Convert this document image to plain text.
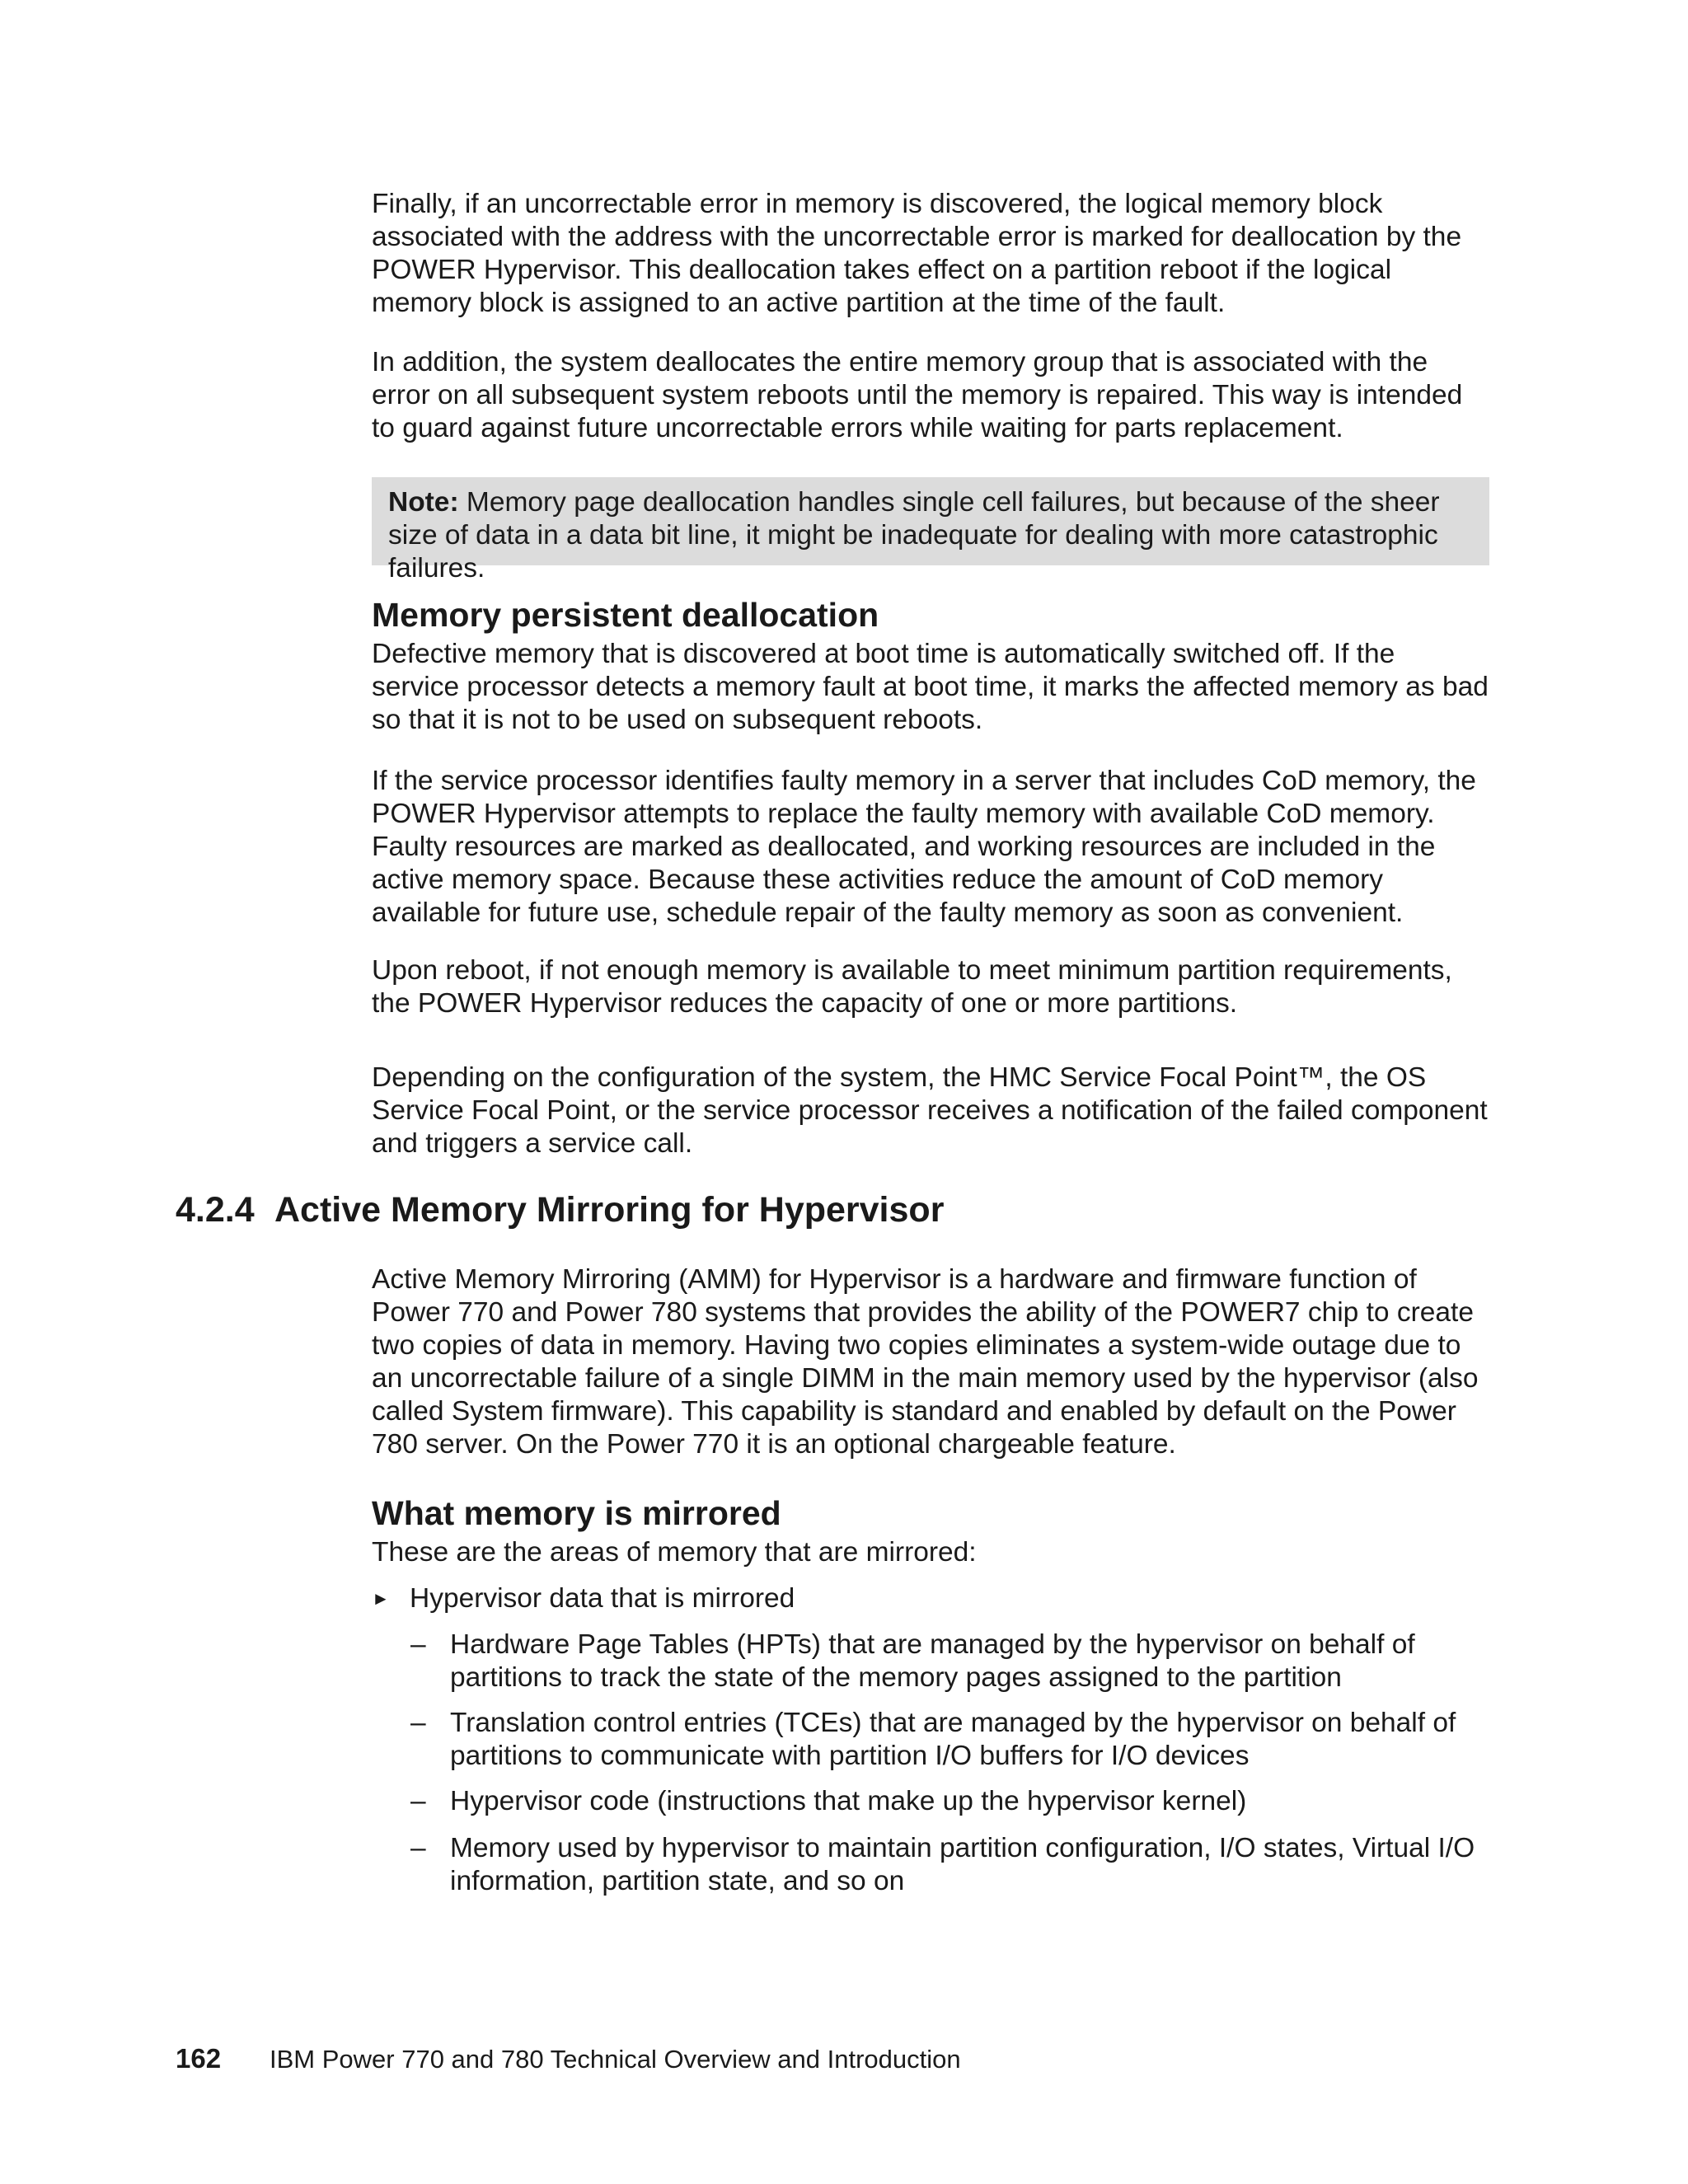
Finally, if an uncorrectable error in memory is discovered, the logical memory block associated with the address with the uncorrectable error is marked for deallocation by the POWER Hypervisor. This deallocation takes effect on a partition reboot if the logical memory block is assigned to an active partition at the time of the fault.

In addition, the system deallocates the entire memory group that is associated with the error on all subsequent system reboots until the memory is repaired. This way is intended to guard against future uncorrectable errors while waiting for parts replacement.

Note: Memory page deallocation handles single cell failures, but because of the sheer size of data in a data bit line, it might be inadequate for dealing with more catastrophic failures.
Memory persistent deallocation

Defective memory that is discovered at boot time is automatically switched off. If the service processor detects a memory fault at boot time, it marks the affected memory as bad so that it is not to be used on subsequent reboots.

If the service processor identifies faulty memory in a server that includes CoD memory, the POWER Hypervisor attempts to replace the faulty memory with available CoD memory. Faulty resources are marked as deallocated, and working resources are included in the active memory space. Because these activities reduce the amount of CoD memory available for future use, schedule repair of the faulty memory as soon as convenient.

Upon reboot, if not enough memory is available to meet minimum partition requirements, the POWER Hypervisor reduces the capacity of one or more partitions.

Depending on the configuration of the system, the HMC Service Focal Point™, the OS Service Focal Point, or the service processor receives a notification of the failed component and triggers a service call.

4.2.4 Active Memory Mirroring for Hypervisor

Active Memory Mirroring (AMM) for Hypervisor is a hardware and firmware function of Power 770 and Power 780 systems that provides the ability of the POWER7 chip to create two copies of data in memory. Having two copies eliminates a system-wide outage due to an uncorrectable failure of a single DIMM in the main memory used by the hypervisor (also called System firmware). This capability is standard and enabled by default on the Power 780 server. On the Power 770 it is an optional chargeable feature.

What memory is mirrored

These are the areas of memory that are mirrored:

► Hypervisor data that is mirrored
– Hardware Page Tables (HPTs) that are managed by the hypervisor on behalf of partitions to track the state of the memory pages assigned to the partition
– Translation control entries (TCEs) that are managed by the hypervisor on behalf of partitions to communicate with partition I/O buffers for I/O devices
– Hypervisor code (instructions that make up the hypervisor kernel)
– Memory used by hypervisor to maintain partition configuration, I/O states, Virtual I/O information, partition state, and so on
162 IBM Power 770 and 780 Technical Overview and Introduction
